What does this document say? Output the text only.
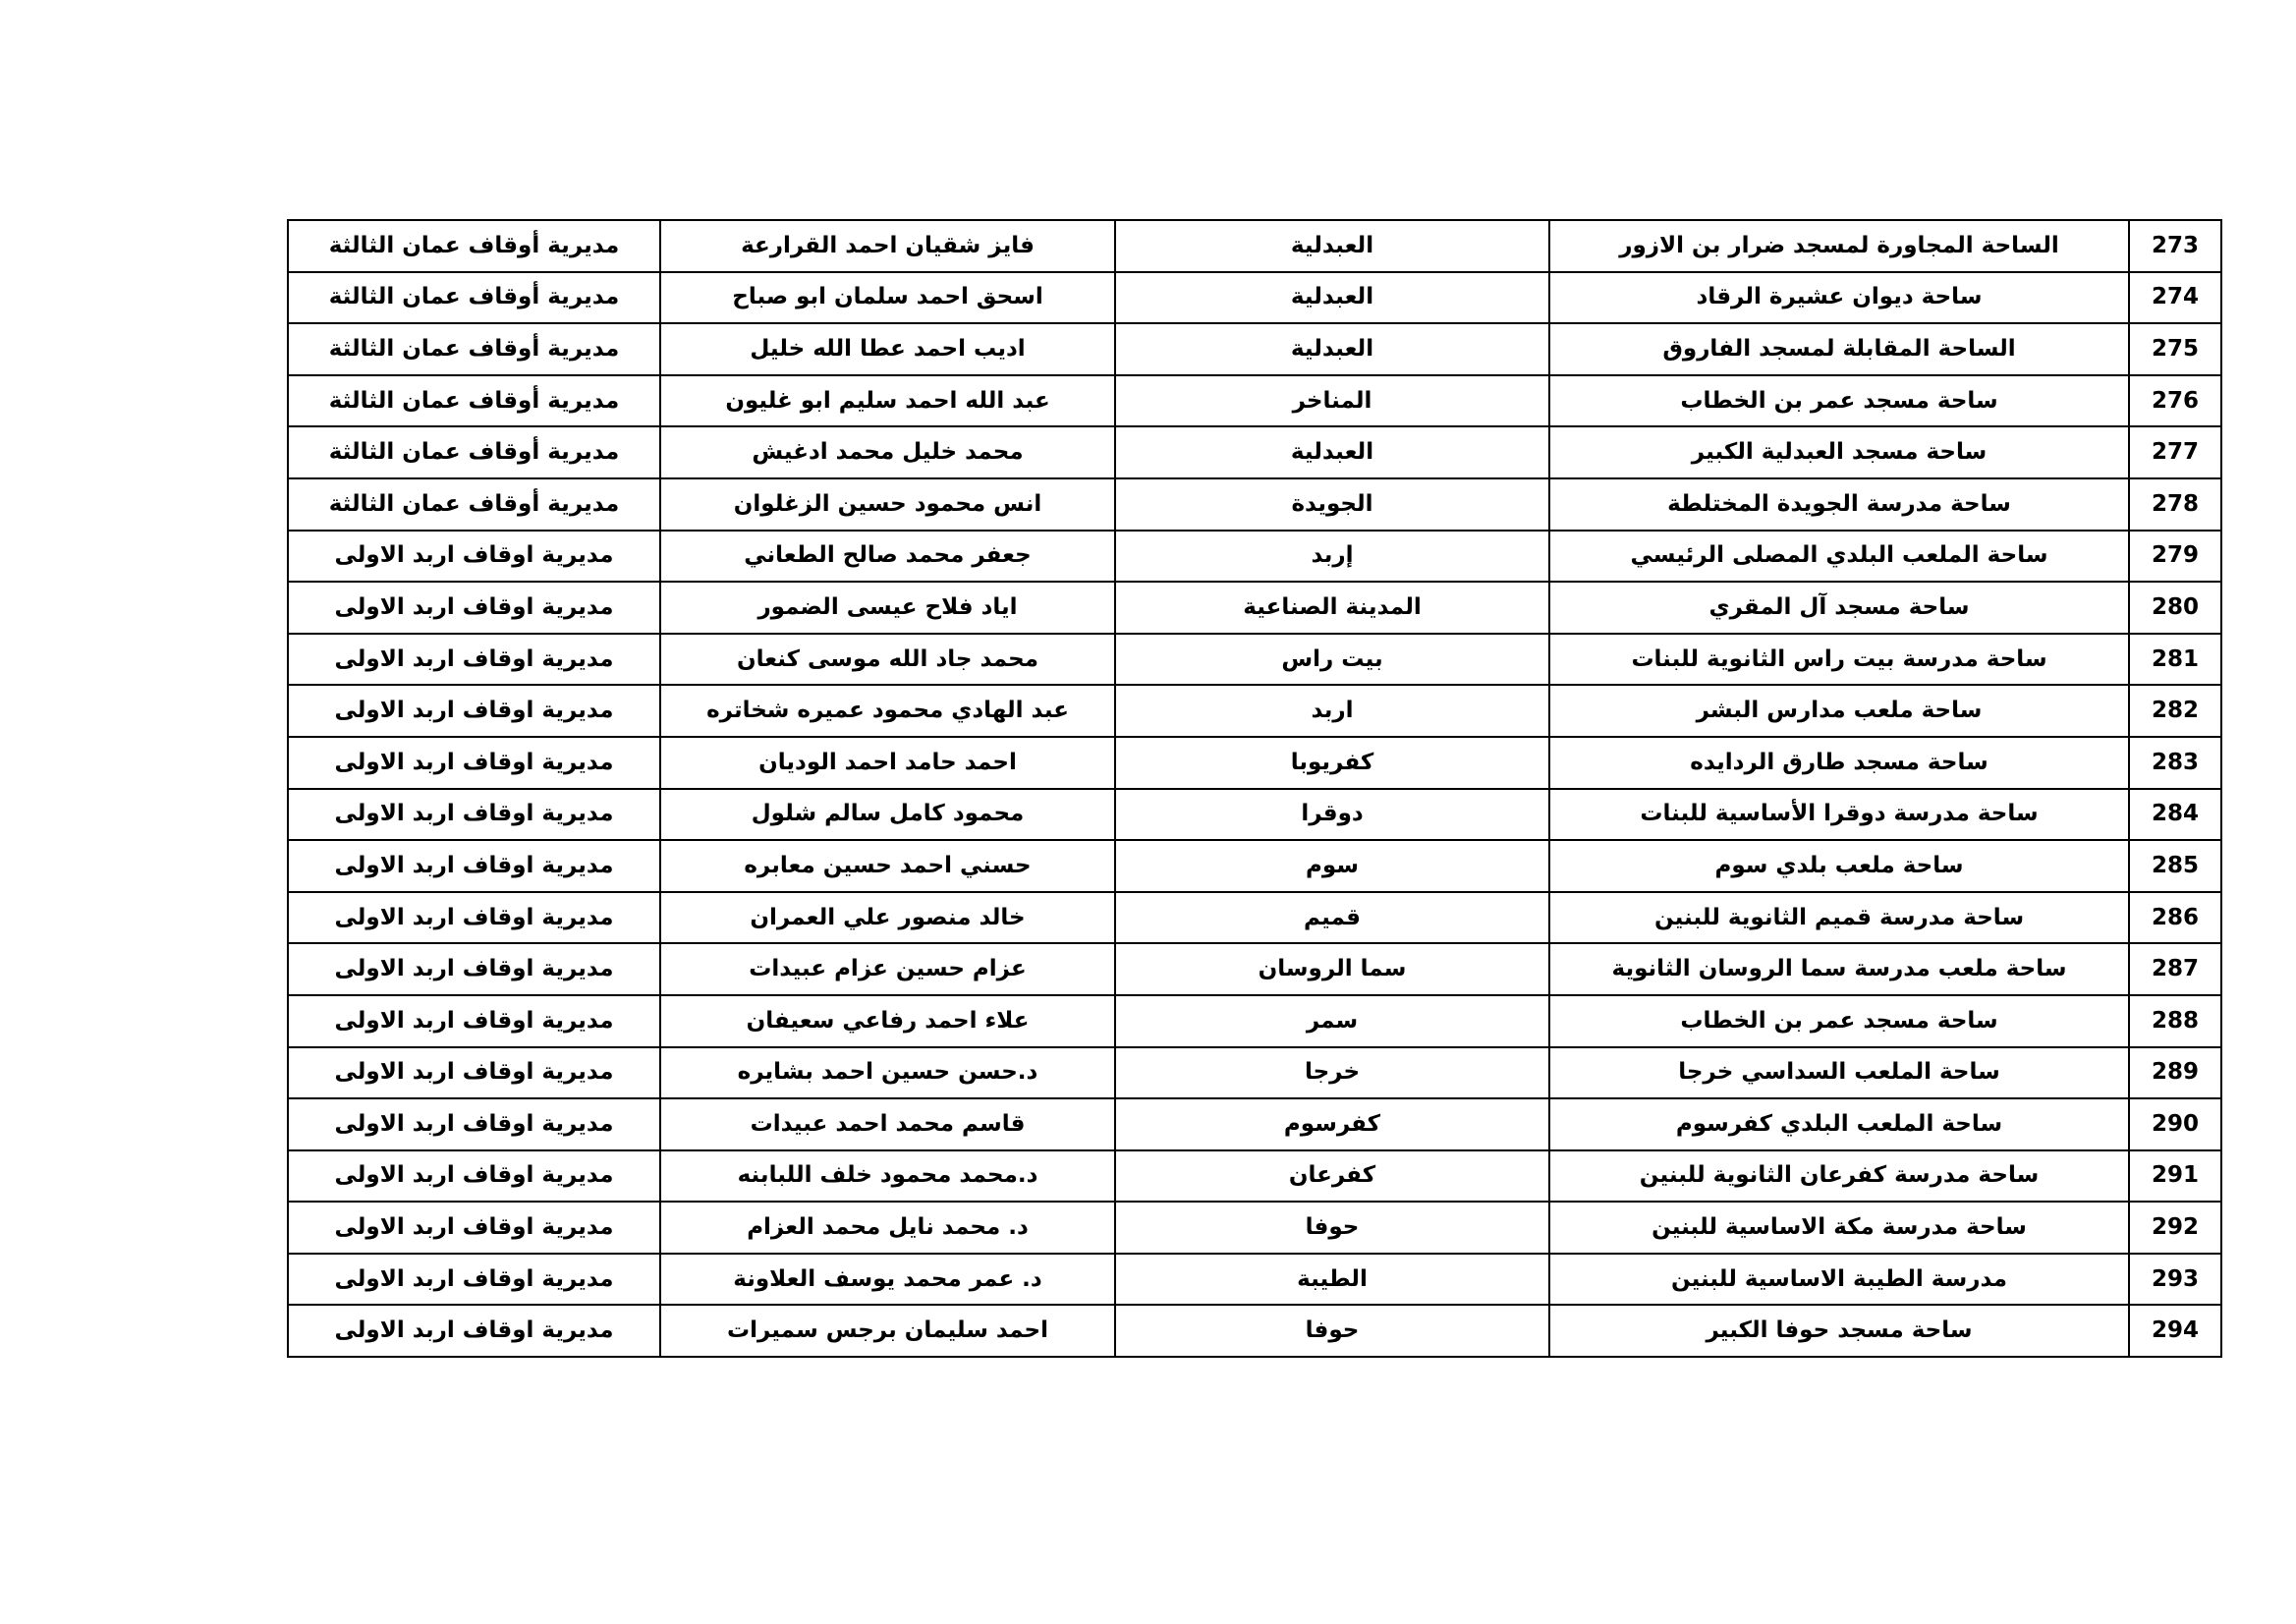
مديرية أوقاف عمان الثالثة	فايز شقيان احمد القرارعة	العبدلية	الساحة المجاورة لمسجد ضرار بن الازور	273
مديرية أوقاف عمان الثالثة	اسحق احمد سلمان ابو صباح	العبدلية	ساحة ديوان عشيرة الرقاد	274
مديرية أوقاف عمان الثالثة	اديب احمد عطا الله خليل	العبدلية	الساحة المقابلة لمسجد الفاروق	275
مديرية أوقاف عمان الثالثة	عبد الله احمد سليم ابو غليون	المناخر	ساحة مسجد عمر بن الخطاب	276
مديرية أوقاف عمان الثالثة	محمد خليل محمد ادغيش	العبدلية	ساحة مسجد العبدلية الكبير	277
مديرية أوقاف عمان الثالثة	انس محمود حسين الزغلوان	الجويدة	ساحة مدرسة الجويدة المختلطة	278
مديرية اوقاف اربد الاولى	جعفر محمد صالح الطعاني	إربد	ساحة الملعب البلدي المصلى الرئيسي	279
مديرية اوقاف اربد الاولى	اياد فلاح عيسى الضمور	المدينة الصناعية	ساحة مسجد آل المقري	280
مديرية اوقاف اربد الاولى	محمد جاد الله موسى كنعان	بيت راس	ساحة مدرسة بيت راس الثانوية للبنات	281
مديرية اوقاف اربد الاولى	عبد الهادي محمود عميره شخاتره	اربد	ساحة ملعب مدارس البشر	282
مديرية اوقاف اربد الاولى	احمد حامد احمد الوديان	كفريوبا	ساحة مسجد طارق الردايده	283
مديرية اوقاف اربد الاولى	محمود كامل سالم شلول	دوقرا	ساحة مدرسة دوقرا الأساسية للبنات	284
مديرية اوقاف اربد الاولى	حسني احمد حسين معابره	سوم	ساحة ملعب بلدي سوم	285
مديرية اوقاف اربد الاولى	خالد منصور علي العمران	قميم	ساحة مدرسة قميم الثانوية للبنين	286
مديرية اوقاف اربد الاولى	عزام حسين عزام عبيدات	سما الروسان	ساحة ملعب مدرسة سما الروسان الثانوية	287
مديرية اوقاف اربد الاولى	علاء احمد رفاعي سعيفان	سمر	ساحة مسجد عمر بن الخطاب	288
مديرية اوقاف اربد الاولى	د.حسن حسين احمد بشايره	خرجا	ساحة الملعب السداسي خرجا	289
مديرية اوقاف اربد الاولى	قاسم محمد احمد عبيدات	كفرسوم	ساحة الملعب البلدي كفرسوم	290
مديرية اوقاف اربد الاولى	د.محمد محمود خلف اللبابنه	كفرعان	ساحة مدرسة كفرعان الثانوية للبنين	291
مديرية اوقاف اربد الاولى	د. محمد نايل محمد العزام	حوفا	ساحة مدرسة مكة الاساسية للبنين	292
مديرية اوقاف اربد الاولى	د. عمر محمد يوسف العلاونة	الطيبة	مدرسة الطيبة الاساسية للبنين	293
مديرية اوقاف اربد الاولى	احمد سليمان برجس سميرات	حوفا	ساحة مسجد حوفا الكبير	294
